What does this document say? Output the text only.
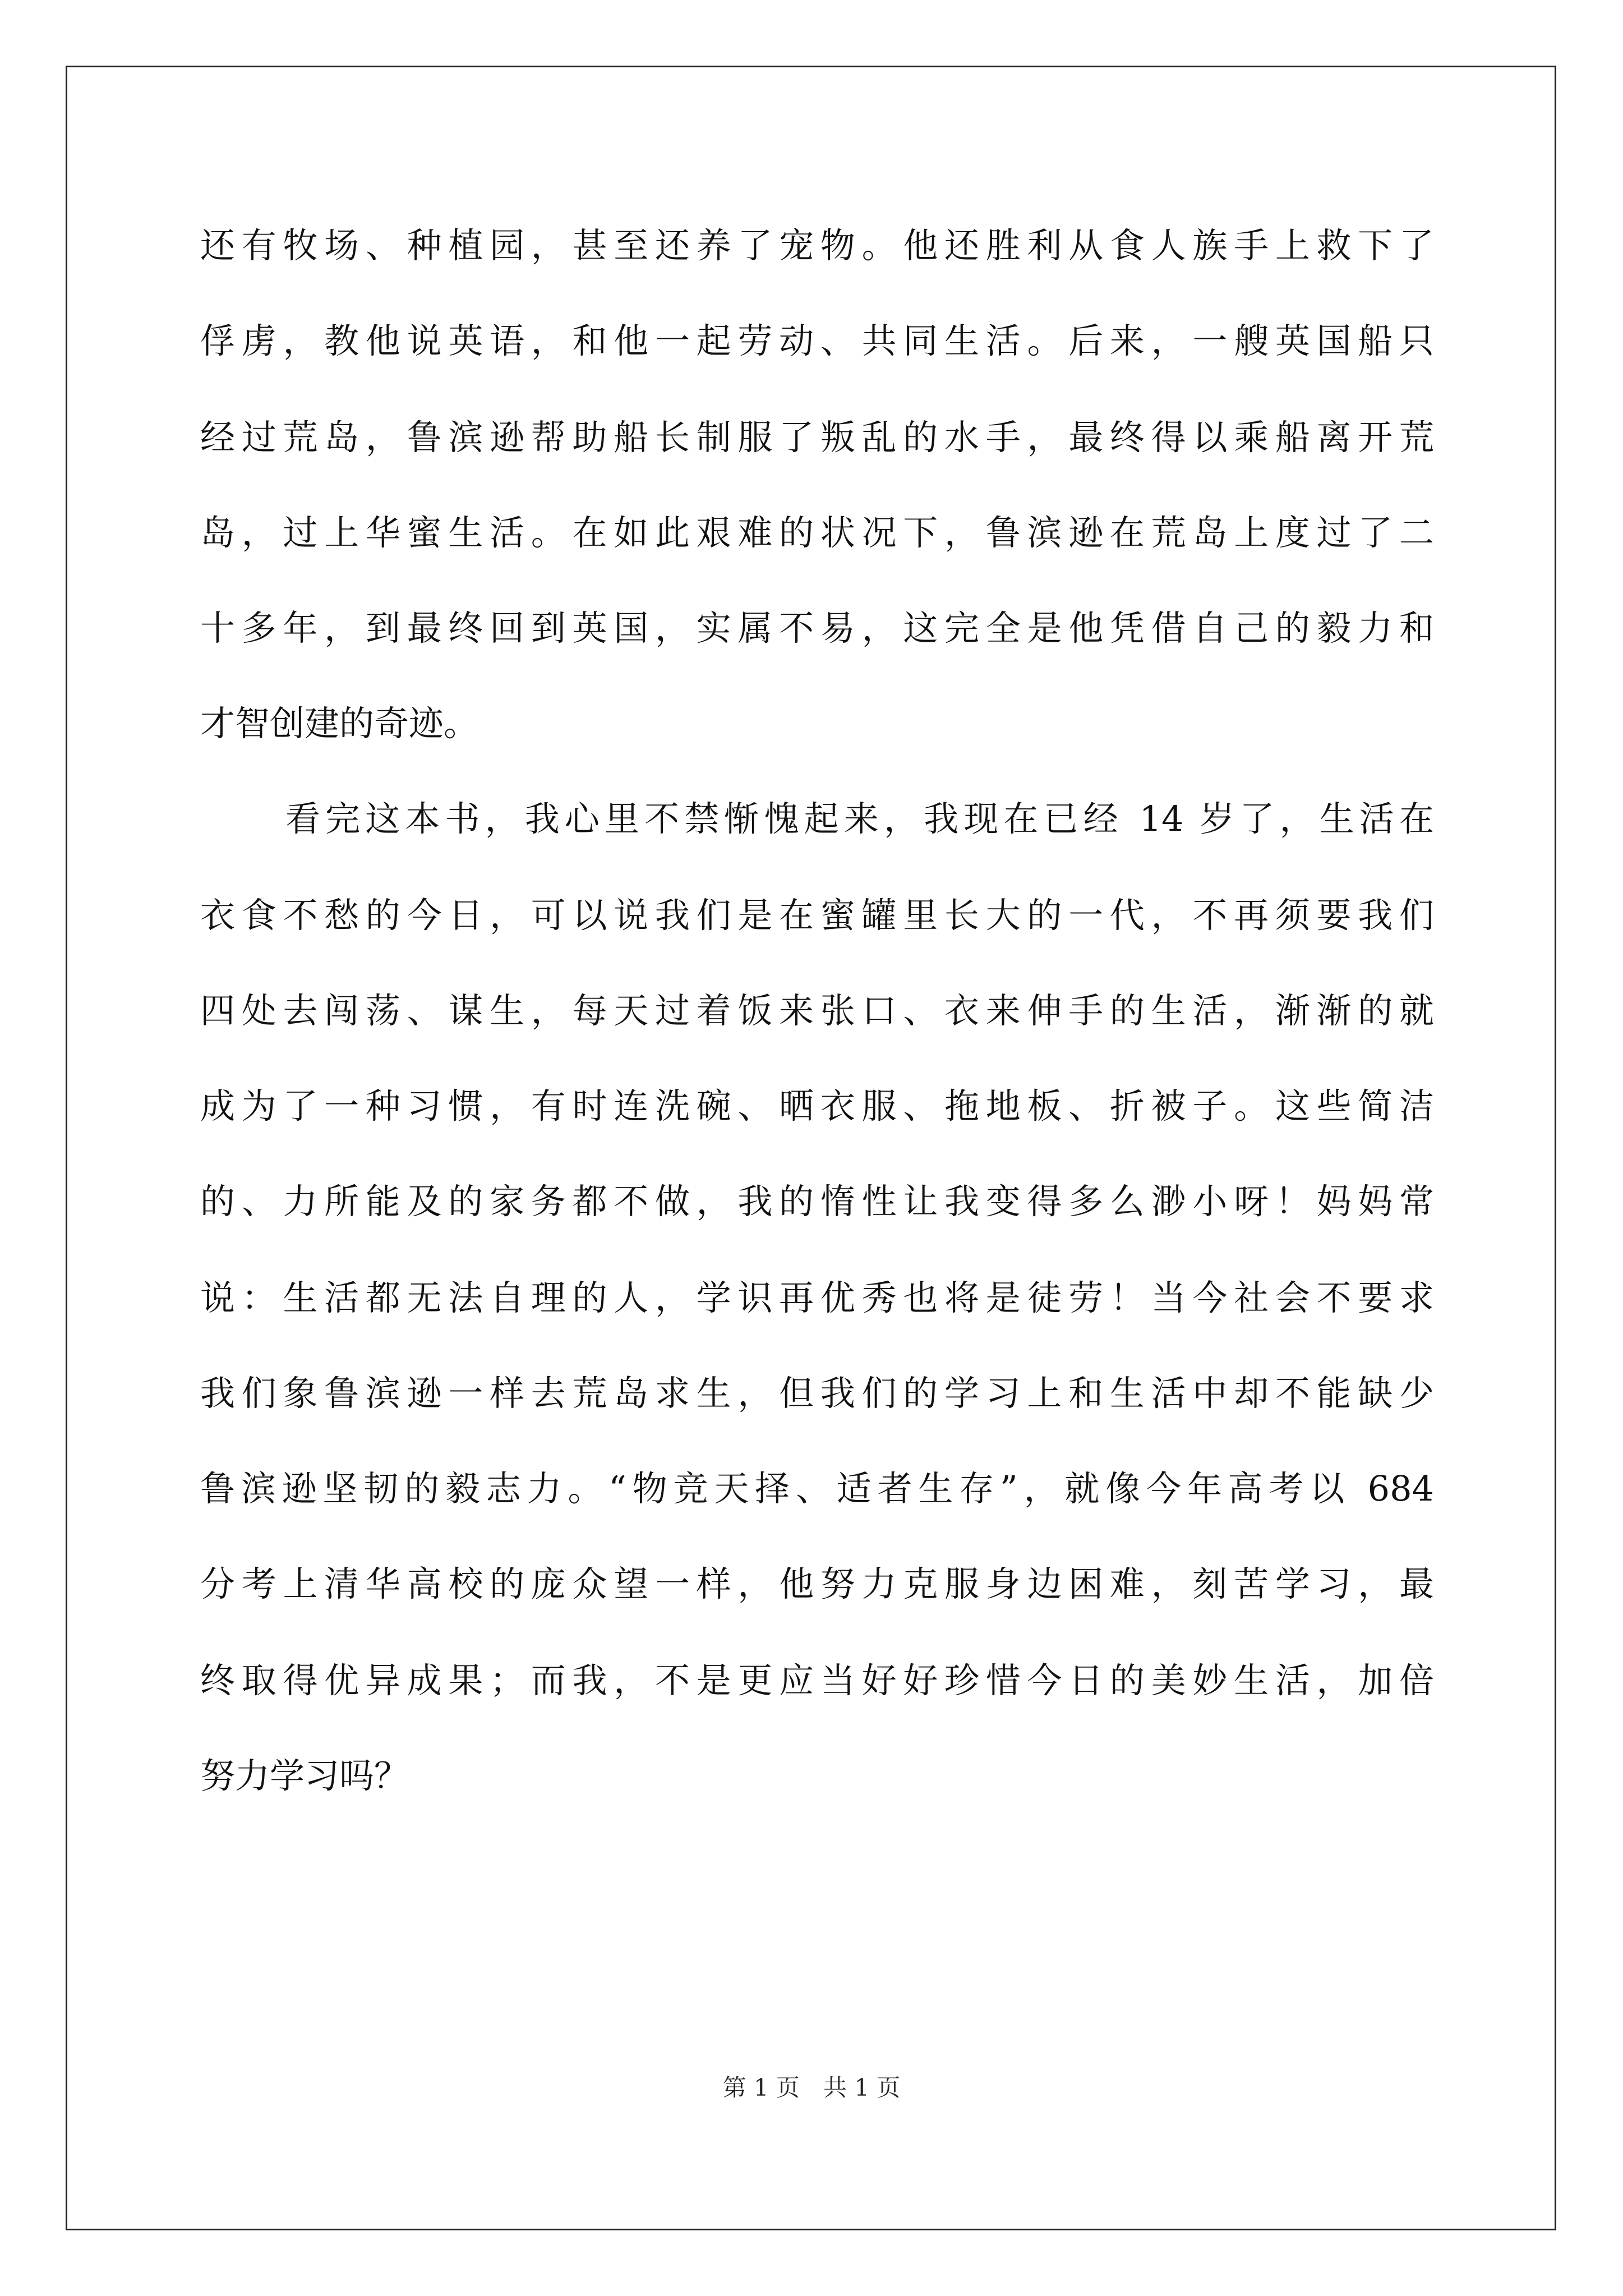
还有牧场、种植园，甚至还养了宠物。他还胜利从食人族手上救下了
俘虏，教他说英语，和他一起劳动、共同生活。后来，一艘英国船只
经过荒岛，鲁滨逊帮助船长制服了叛乱的水手，最终得以乘船离开荒
岛，过上华蜜生活。在如此艰难的状况下，鲁滨逊在荒岛上度过了二
十多年，到最终回到英国，实属不易，这完全是他凭借自己的毅力和
才智创建的奇迹。
看完这本书，我心里不禁惭愧起来，我现在已经 14 岁了，生活在
衣食不愁的今日，可以说我们是在蜜罐里长大的一代，不再须要我们
四处去闯荡、谋生，每天过着饭来张口、衣来伸手的生活，渐渐的就
成为了一种习惯，有时连洗碗、晒衣服、拖地板、折被子。这些简洁
的、力所能及的家务都不做，我的惰性让我变得多么渺小呀！妈妈常
说：生活都无法自理的人，学识再优秀也将是徒劳！当今社会不要求
我们象鲁滨逊一样去荒岛求生，但我们的学习上和生活中却不能缺少
鲁滨逊坚韧的毅志力。“物竞天择、适者生存”，就像今年高考以 684
分考上清华高校的庞众望一样，他努力克服身边困难，刻苦学习，最
终取得优异成果；而我，不是更应当好好珍惜今日的美妙生活，加倍
努力学习吗？
第 1 页　共 1 页
